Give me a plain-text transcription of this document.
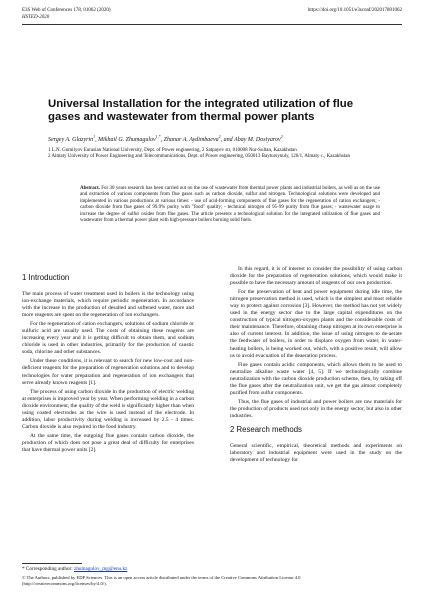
E3S Web of Conferences 178, 01062 (2020)
HSTED-2020
https://doi.org/10.1051/e3sconf/202017801062
Universal Installation for the integrated utilization of flue gases and wastewater from thermal power plants
Sergey A. Glazyrin$^1$, Mikhail G. Zhumagulov$^{1,*}$, Zhanar A. Aydimbaeva$^2$, and Abay M. Dosiyarov$^2$

1 L.N. Gumilyov Eurasian National University, Dept. of Power engineering, 2 Satpayev str, 010008 Nur-Sultan, Kazakhstan

2 Almaty University of Power Engineering and Telecommunications, Dept. of Power engineering, 050013 Baytursynuly, 126/1, Almaty c., Kazakhstan

Abstract. For 30 years research has been carried out on the use of wastewater from thermal power plants and industrial boilers, as well as on the use and extraction of various components from flue gases such as carbon dioxide, sulfur and nitrogen. Technological solutions were developed and implemented in various productions at various times: - use of acid-forming components of flue gases for the regeneration of cation exchangers; - carbon dioxide from flue gases of 99.9% purity with "food" quality; - technical nitrogen of 95-99 purity from flue gases; - wastewater usage to increase the degree of sulfur oxides from flue gases. The article presents a technological solution for the integrated utilization of flue gases and wastewater from a thermal power plant with high-pressure boilers burning solid fuels.

1 Introduction

The main process of water treatment used in boilers is the technology using ion-exchange materials, which require periodic regeneration. In accordance with the increase in the production of desalted and softened water, more and more reagents are spent on the regeneration of ion exchangers.

For the regeneration of cation exchangers, solutions of sodium chloride or sulfuric acid are usually used. The costs of obtaining these reagents are increasing every year and it is getting difficult to obtain them, and sodium chloride is used in other industries, primarily for the production of caustic soda, chlorine and other substances.

Under these conditions, it is relevant to search for new low-cost and non-deficient reagents for the preparation of regeneration solutions and to develop technologies for water preparation and regeneration of ion exchangers that serve already known reagents [1].

The process of using carbon dioxide in the production of electric welding at enterprises is improved year by year. When performing welding in a carbon dioxide environment, the quality of the weld is significantly higher than when using coated electrodes as the wire is used instead of the electrode. In addition, labor productivity during welding is increased by 2.5 - 4 times. Carbon dioxide is also required in the food industry.

At the same time, the outgoing flue gases contain carbon dioxide, the production of which does not pose a great deal of difficulty for enterprises that have thermal power units [2].

In this regard, it is of interest to consider the possibility of using carbon dioxide for the preparation of regeneration solutions, which would make it possible to have the necessary amount of reagents of our own production.

For the preservation of heat and power equipment during idle time, the nitrogen preservation method is used, which is the simplest and most reliable way to protect against corrosion [3]. However, the method has not yet widely used in the energy sector due to the large capital expenditures on the construction of typical nitrogen-oxygen plants and the considerable costs of their maintenance. Therefore, obtaining cheap nitrogen at its own enterprise is also of current interest. In addition, the issue of using nitrogen to de-aerate the feedwater of boilers, in order to displace oxygen from water, in water-heating boilers, is being worked out, which, with a positive result, will allow us to avoid evacuation of the deaeration process.

Flue gases contain acidic components, which allows them to be used to neutralize alkaline waste water [4, 5]. If we technologically combine neutralization with the carbon dioxide production scheme, then, by taking off the flue gases after the neutralization unit, we get the gas almost completely purified from sulfur components.

Thus, the flue gases of industrial and power boilers are raw materials for the production of products used not only in the energy sector, but also in other industries.

2 Research methods

General scientific, empirical, theoretical methods and experiments on laboratory and industrial equipment were used in the study on the development of technology for

* Corresponding author: zhumagulov_mg@enu.kz

© The Authors, published by EDP Sciences. This is an open access article distributed under the terms of the Creative Commons Attribution License 4.0

(http://creativecommons.org/licenses/by/4.0/).
